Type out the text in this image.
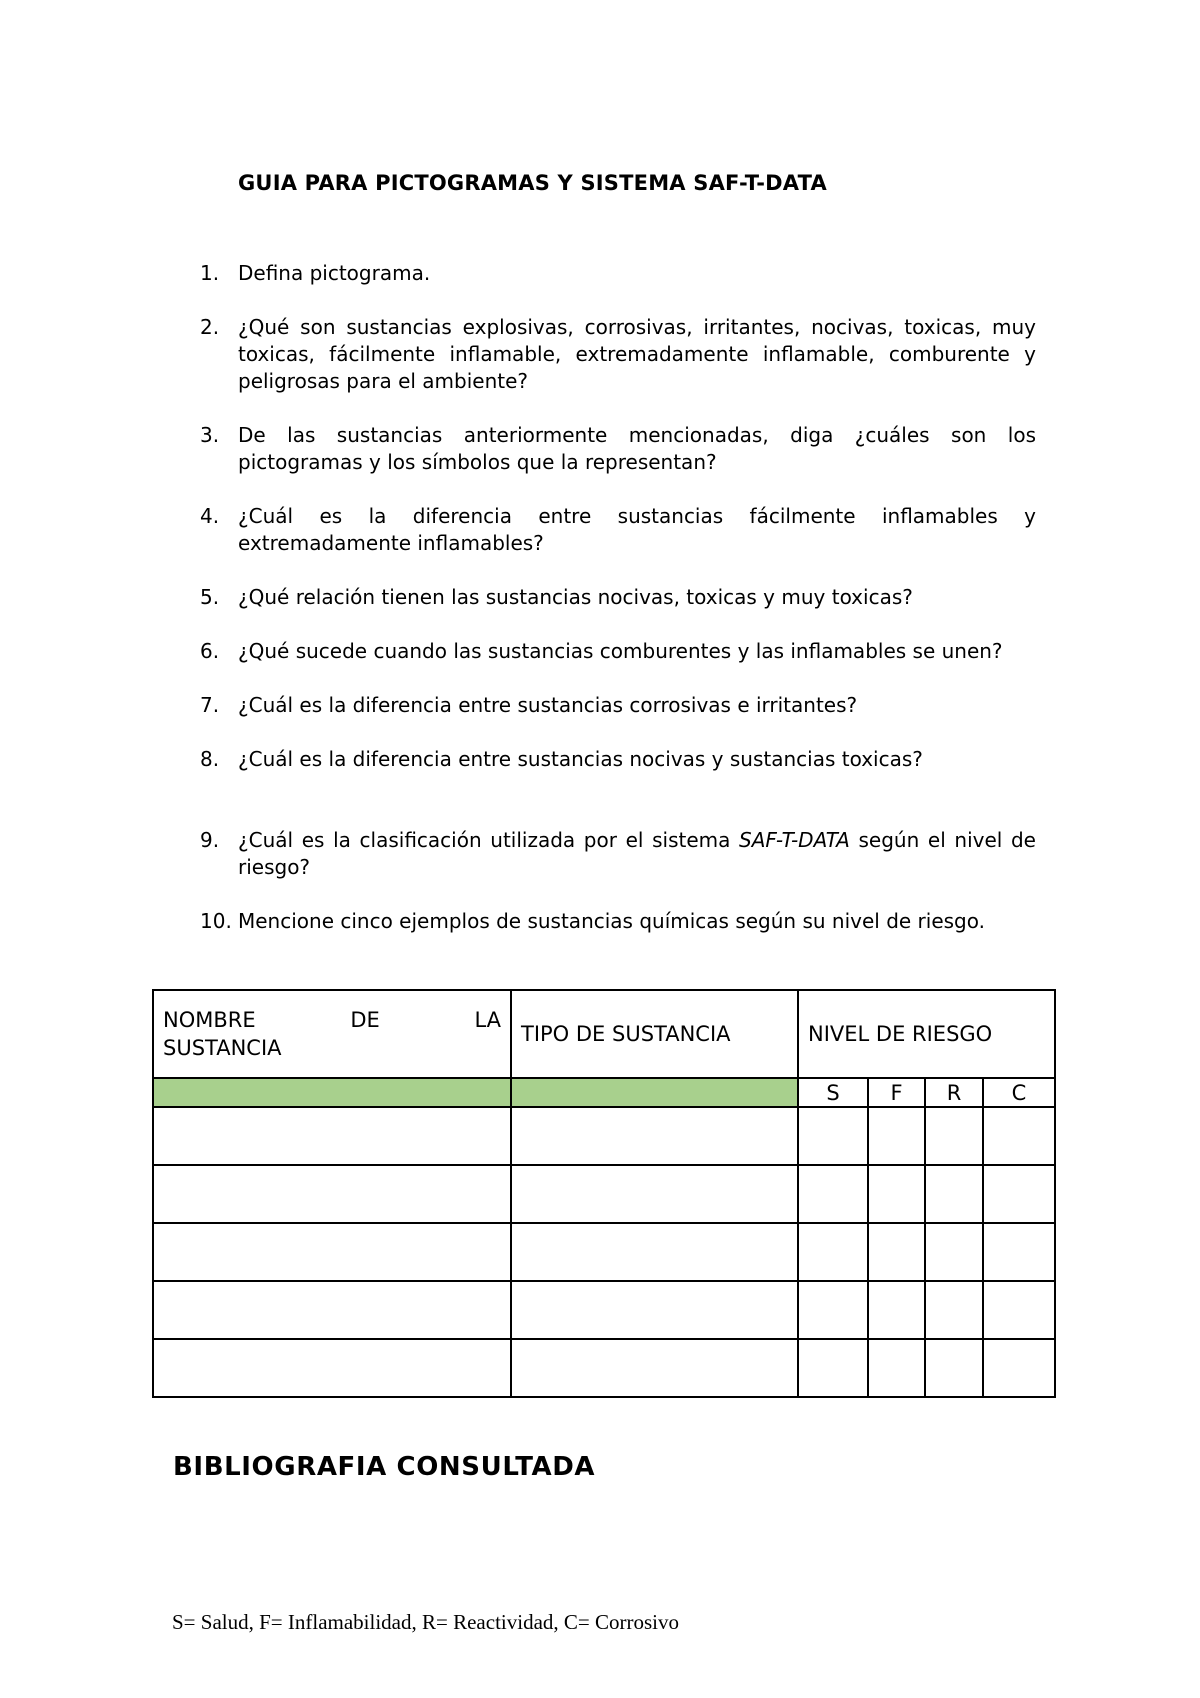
GUIA PARA PICTOGRAMAS Y SISTEMA SAF-T-DATA
1. Defina pictograma.
2. ¿Qué son sustancias explosivas, corrosivas, irritantes, nocivas, toxicas, muy toxicas, fácilmente inflamable, extremadamente inflamable, comburente y peligrosas para el ambiente?
3. De las sustancias anteriormente mencionadas, diga ¿cuáles son los pictogramas y los símbolos que la representan?
4. ¿Cuál es la diferencia entre sustancias fácilmente inflamables y extremadamente inflamables?
5. ¿Qué relación tienen las sustancias nocivas, toxicas y muy toxicas?
6. ¿Qué sucede cuando las sustancias comburentes y las inflamables se unen?
7. ¿Cuál es la diferencia entre sustancias corrosivas e irritantes?
8. ¿Cuál es la diferencia entre sustancias nocivas y sustancias toxicas?
9. ¿Cuál es la clasificación utilizada por el sistema SAF-T-DATA según el nivel de riesgo?
10. Mencione cinco ejemplos de sustancias químicas según su nivel de riesgo.
NOMBRE DE LA
SUSTANCIA	TIPO DE SUSTANCIA	NIVEL DE RIESGO			
		S	F	R	C

BIBLIOGRAFIA CONSULTADA
S= Salud, F= Inflamabilidad, R= Reactividad, C= Corrosivo
